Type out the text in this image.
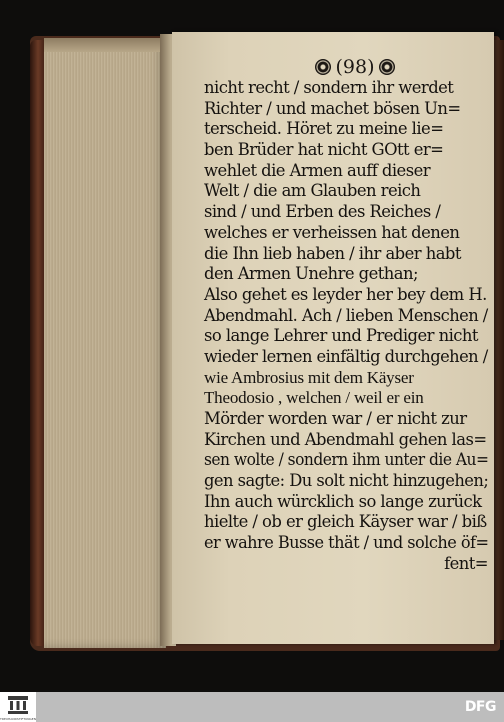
(98)
nicht recht / sondern ihr werdet
Richter / und machet bösen Un=
terscheid. Höret zu meine lie=
ben Brüder hat nicht GOtt er=
wehlet die Armen auff dieser
Welt / die am Glauben reich
sind / und Erben des Reiches /
welches er verheissen hat denen
die Ihn lieb haben / ihr aber habt
den Armen Unehre gethan;
Also gehet es leyder her bey dem H.
Abendmahl. Ach / lieben Menschen /
so lange Lehrer und Prediger nicht
wieder lernen einfältig durchgehen /
wie Ambrosius mit dem Käyser
Theodosio , welchen / weil er ein
Mörder worden war / er nicht zur
Kirchen und Abendmahl gehen las=
sen wolte / sondern ihm unter die Au=
gen sagte: Du solt nicht hinzugehen;
Ihn auch würcklich so lange zurück
hielte / ob er gleich Käyser war / biß
er wahre Busse thät / und solche öf=
fent=
TREUHANDSTIFTUNGEN
DFG
